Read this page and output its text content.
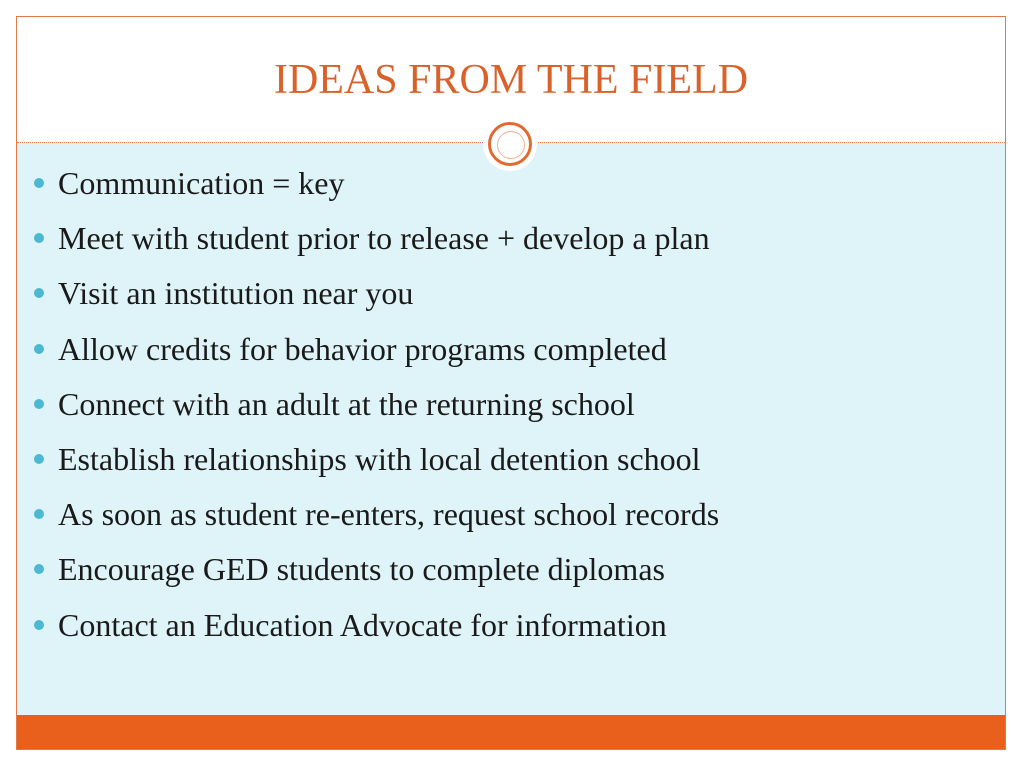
IDEAS FROM THE FIELD
Communication = key
Meet with student prior to release + develop a plan
Visit an institution near you
Allow credits for behavior programs completed
Connect with an adult at the returning school
Establish relationships with local detention school
As soon as student re-enters, request school records
Encourage GED students to complete diplomas
Contact an Education Advocate for information
